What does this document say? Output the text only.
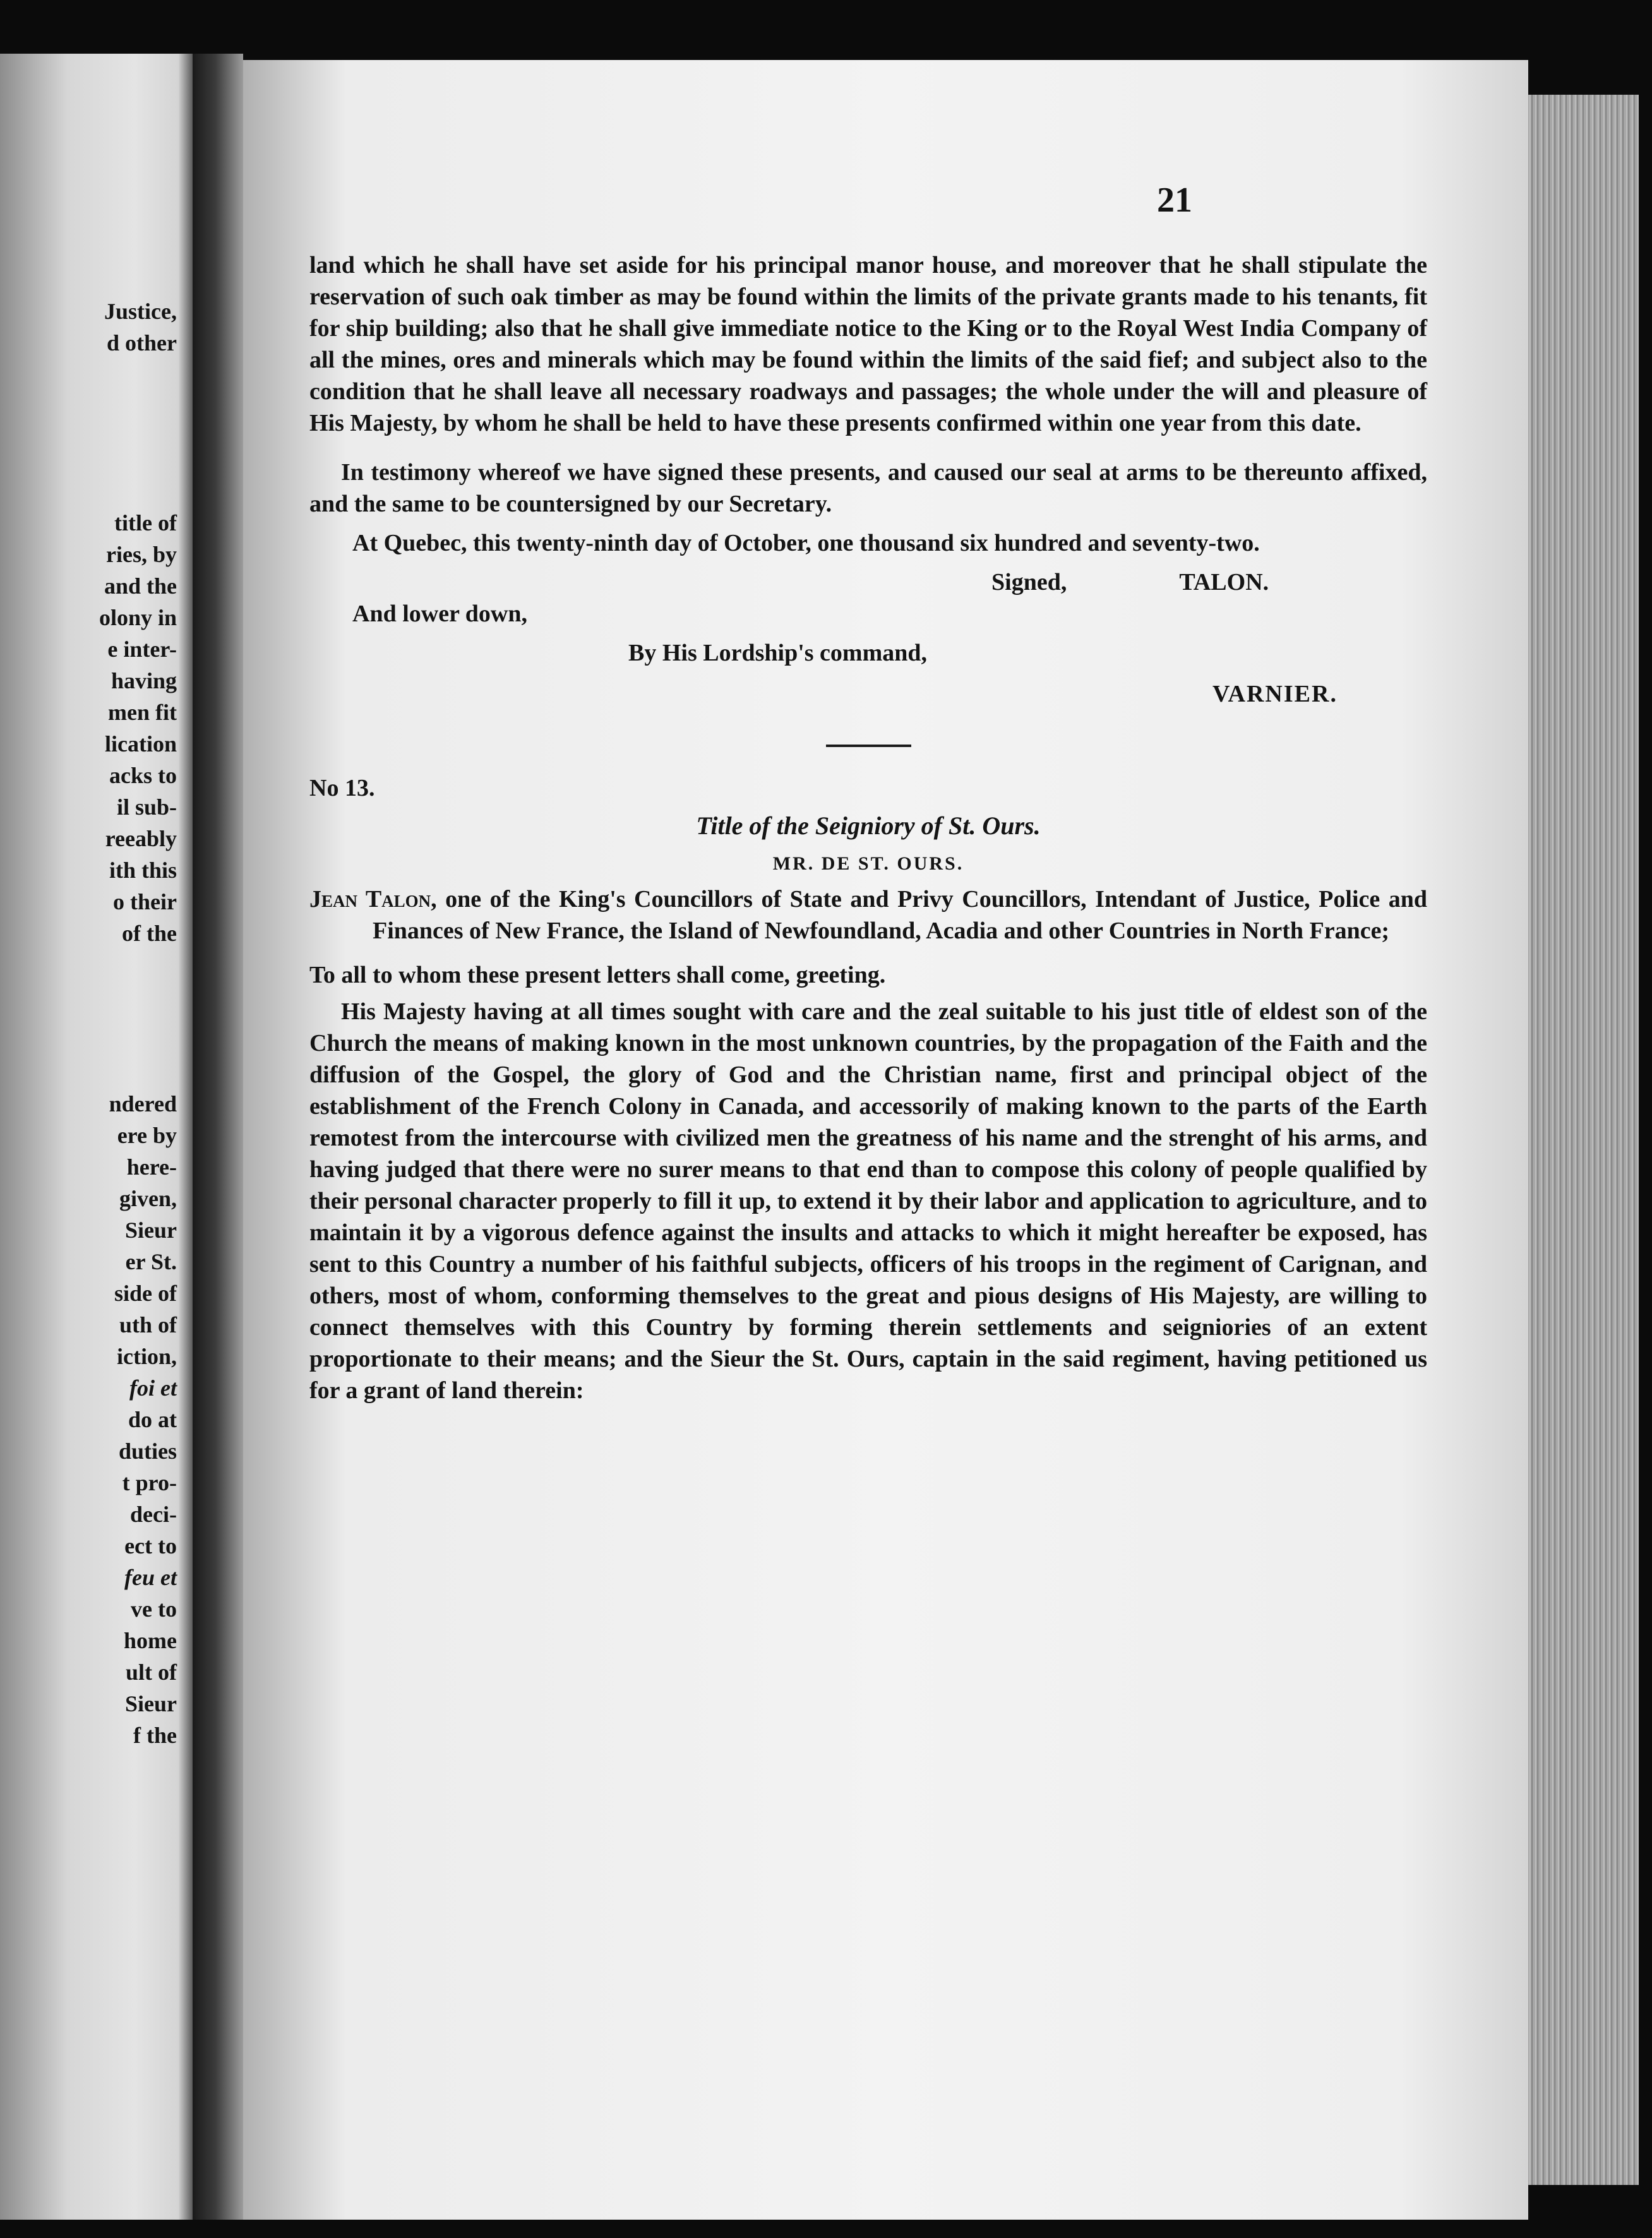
Justice,
d other
title of
ries, by
and the
olony in
e inter-
having
men fit
lication
acks to
il sub-
reeably
ith this
o their
of the
ndered
ere by
here-
given,
Sieur
er St.
side of
uth of
iction,
foi et
do at
duties
t pro-
deci-
ect to
feu et
ve to
home
ult of
Sieur
f the
21

land which he shall have set aside for his principal manor house, and moreover that he shall stipulate the reservation of such oak timber as may be found within the limits of the private grants made to his tenants, fit for ship building; also that he shall give immediate notice to the King or to the Royal West India Company of all the mines, ores and minerals which may be found within the limits of the said fief; and subject also to the condition that he shall leave all necessary roadways and passages; the whole under the will and pleasure of His Majesty, by whom he shall be held to have these presents confirmed within one year from this date.

In testimony whereof we have signed these presents, and caused our seal at arms to be thereunto affixed, and the same to be countersigned by our Secretary.

At Quebec, this twenty-ninth day of October, one thousand six hundred and seventy-two.
Signed,	TALON.
And lower down,
By His Lordship's command,
VARNIER.
No 13.
Title of the Seigniory of St. Ours.
MR. DE ST. OURS.

Jean Talon, one of the King's Councillors of State and Privy Councillors, Intendant of Justice, Police and Finances of New France, the Island of Newfoundland, Acadia and other Countries in North France;

To all to whom these present letters shall come, greeting.

His Majesty having at all times sought with care and the zeal suitable to his just title of eldest son of the Church the means of making known in the most unknown countries, by the propagation of the Faith and the diffusion of the Gospel, the glory of God and the Christian name, first and principal object of the establishment of the French Colony in Canada, and accessorily of making known to the parts of the Earth remotest from the intercourse with civilized men the greatness of his name and the strenght of his arms, and having judged that there were no surer means to that end than to compose this colony of people qualified by their personal character properly to fill it up, to extend it by their labor and application to agriculture, and to maintain it by a vigorous defence against the insults and attacks to which it might hereafter be exposed, has sent to this Country a number of his faithful subjects, officers of his troops in the regiment of Carignan, and others, most of whom, conforming themselves to the great and pious designs of His Majesty, are willing to connect themselves with this Country by forming therein settlements and seigniories of an extent proportionate to their means; and the Sieur the St. Ours, captain in the said regiment, having petitioned us for a grant of land therein:
